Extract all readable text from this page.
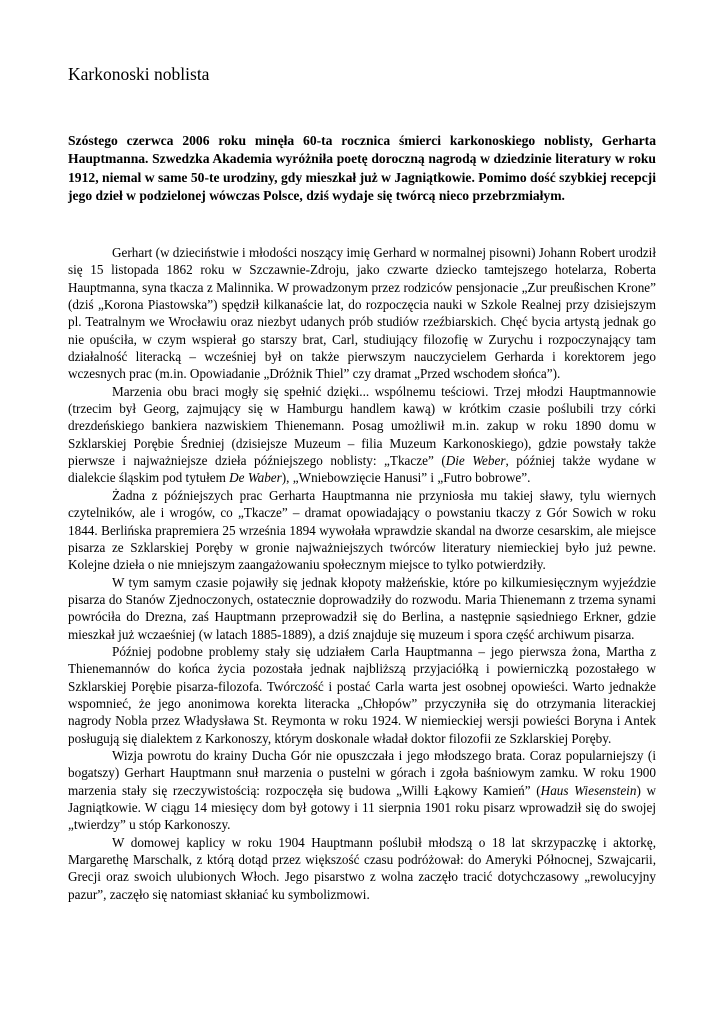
Karkonoski noblista

Szóstego czerwca 2006 roku minęła 60-ta rocznica śmierci karkonoskiego noblisty, Gerharta Hauptmanna. Szwedzka Akademia wyróżniła poetę doroczną nagrodą w dziedzinie literatury w roku 1912, niemal w same 50-te urodziny, gdy mieszkał już w Jagniątkowie. Pomimo dość szybkiej recepcji jego dzieł w podzielonej wówczas Polsce, dziś wydaje się twórcą nieco przebrzmiałym.

Gerhart (w dzieciństwie i młodości noszący imię Gerhard w normalnej pisowni) Johann Robert urodził się 15 listopada 1862 roku w Szczawnie-Zdroju, jako czwarte dziecko tamtejszego hotelarza, Roberta Hauptmanna, syna tkacza z Malinnika. W prowadzonym przez rodziców pensjonacie „Zur preußischen Krone” (dziś „Korona Piastowska”) spędził kilkanaście lat, do rozpoczęcia nauki w Szkole Realnej przy dzisiejszym pl. Teatralnym we Wrocławiu oraz niezbyt udanych prób studiów rzeźbiarskich. Chęć bycia artystą jednak go nie opuściła, w czym wspierał go starszy brat, Carl, studiujący filozofię w Zurychu i rozpoczynający tam działalność literacką – wcześniej był on także pierwszym nauczycielem Gerharda i korektorem jego wczesnych prac (m.in. Opowiadanie „Dróżnik Thiel” czy dramat „Przed wschodem słońca”).

Marzenia obu braci mogły się spełnić dzięki... wspólnemu teściowi. Trzej młodzi Hauptmannowie (trzecim był Georg, zajmujący się w Hamburgu handlem kawą) w krótkim czasie poślubili trzy córki drezdeńskiego bankiera nazwiskiem Thienemann. Posag umożliwił m.in. zakup w roku 1890 domu w Szklarskiej Porębie Średniej (dzisiejsze Muzeum – filia Muzeum Karkonoskiego), gdzie powstały także pierwsze i najważniejsze dzieła późniejszego noblisty: „Tkacze” (Die Weber, później także wydane w dialekcie śląskim pod tytułem De Waber), „Wniebowzięcie Hanusi” i „Futro bobrowe”.

Żadna z późniejszych prac Gerharta Hauptmanna nie przyniosła mu takiej sławy, tylu wiernych czytelników, ale i wrogów, co „Tkacze” – dramat opowiadający o powstaniu tkaczy z Gór Sowich w roku 1844. Berlińska prapremiera 25 września 1894 wywołała wprawdzie skandal na dworze cesarskim, ale miejsce pisarza ze Szklarskiej Poręby w gronie najważniejszych twórców literatury niemieckiej było już pewne. Kolejne dzieła o nie mniejszym zaangażowaniu społecznym miejsce to tylko potwierdziły.

W tym samym czasie pojawiły się jednak kłopoty małżeńskie, które po kilkumiesięcznym wyjeździe pisarza do Stanów Zjednoczonych, ostatecznie doprowadziły do rozwodu. Maria Thienemann z trzema synami powróciła do Drezna, zaś Hauptmann przeprowadził się do Berlina, a następnie sąsiedniego Erkner, gdzie mieszkał już wczaeśniej (w latach 1885-1889), a dziś znajduje się muzeum i spora część archiwum pisarza.

Później podobne problemy stały się udziałem Carla Hauptmanna – jego pierwsza żona, Martha z Thienemannów do końca życia pozostała jednak najbliższą przyjaciółką i powierniczką pozostałego w Szklarskiej Porębie pisarza-filozofa. Twórczość i postać Carla warta jest osobnej opowieści. Warto jednakże wspomnieć, że jego anonimowa korekta literacka „Chłopów” przyczyniła się do otrzymania literackiej nagrody Nobla przez Władysława St. Reymonta w roku 1924. W niemieckiej wersji powieści Boryna i Antek posługują się dialektem z Karkonoszy, którym doskonale władał doktor filozofii ze Szklarskiej Poręby.

Wizja powrotu do krainy Ducha Gór nie opuszczała i jego młodszego brata. Coraz popularniejszy (i bogatszy) Gerhart Hauptmann snuł marzenia o pustelni w górach i zgoła baśniowym zamku. W roku 1900 marzenia stały się rzeczywistością: rozpoczęła się budowa „Willi Łąkowy Kamień” (Haus Wiesenstein) w Jagniątkowie. W ciągu 14 miesięcy dom był gotowy i 11 sierpnia 1901 roku pisarz wprowadził się do swojej „twierdzy” u stóp Karkonoszy.

W domowej kaplicy w roku 1904 Hauptmann poślubił młodszą o 18 lat skrzypaczkę i aktorkę, Margarethę Marschalk, z którą dotąd przez większość czasu podróżował: do Ameryki Północnej, Szwajcarii, Grecji oraz swoich ulubionych Włoch. Jego pisarstwo z wolna zaczęło tracić dotychczasowy „rewolucyjny pazur”, zaczęło się natomiast skłaniać ku symbolizmowi.
